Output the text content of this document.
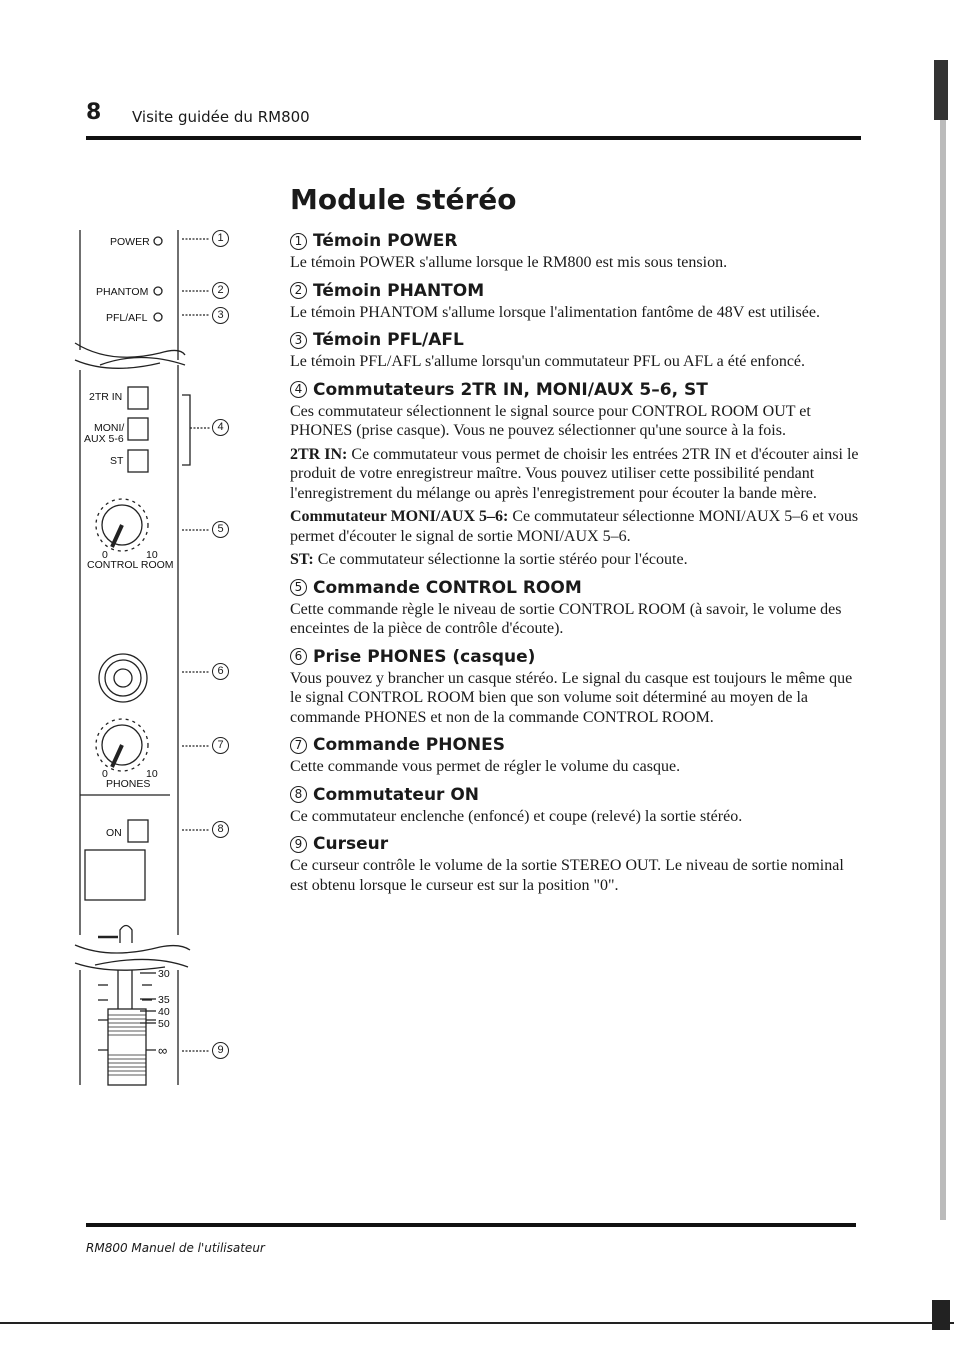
8 Visite guidée du RM800
POWER
PHANTOM
PFL/AFL
2TR IN
MONI/
AUX 5-6
ST
0	10
CONTROL ROOM
0	10
PHONES
ON
30
35
40
50
∞
1
2
3
4
5
6
7
8
9
Module stéréo
1 Témoin POWER

Le témoin POWER s'allume lorsque le RM800 est mis sous tension.

2 Témoin PHANTOM

Le témoin PHANTOM s'allume lorsque l'alimentation fantôme de 48V est utilisée.

3 Témoin PFL/AFL

Le témoin PFL/AFL s'allume lorsqu'un commutateur PFL ou AFL a été enfoncé.

4 Commutateurs 2TR IN, MONI/AUX 5–6, ST

Ces commutateur sélectionnent le signal source pour CONTROL ROOM OUT et PHONES (prise casque). Vous ne pouvez sélectionner qu'une source à la fois.

2TR IN: Ce commutateur vous permet de choisir les entrées 2TR IN et d'écouter ainsi le produit de votre enregistreur maître. Vous pouvez utiliser cette possibilité pendant l'enregistrement du mélange ou après l'enregistrement pour écouter la bande mère.

Commutateur MONI/AUX 5–6: Ce commutateur sélectionne MONI/AUX 5–6 et vous permet d'écouter le signal de sortie MONI/AUX 5–6.

ST: Ce commutateur sélectionne la sortie stéréo pour l'écoute.

5 Commande CONTROL ROOM

Cette commande règle le niveau de sortie CONTROL ROOM (à savoir, le volume des enceintes de la pièce de contrôle d'écoute).

6 Prise PHONES (casque)

Vous pouvez y brancher un casque stéréo. Le signal du casque est toujours le même que le signal CONTROL ROOM bien que son volume soit déterminé au moyen de la commande PHONES et non de la commande CONTROL ROOM.

7 Commande PHONES

Cette commande vous permet de régler le volume du casque.

8 Commutateur ON

Ce commutateur enclenche (enfoncé) et coupe (relevé) la sortie stéréo.

9 Curseur

Ce curseur contrôle le volume de la sortie STEREO OUT. Le niveau de sortie nominal est obtenu lorsque le curseur est sur la position "0".

RM800 Manuel de l'utilisateur
